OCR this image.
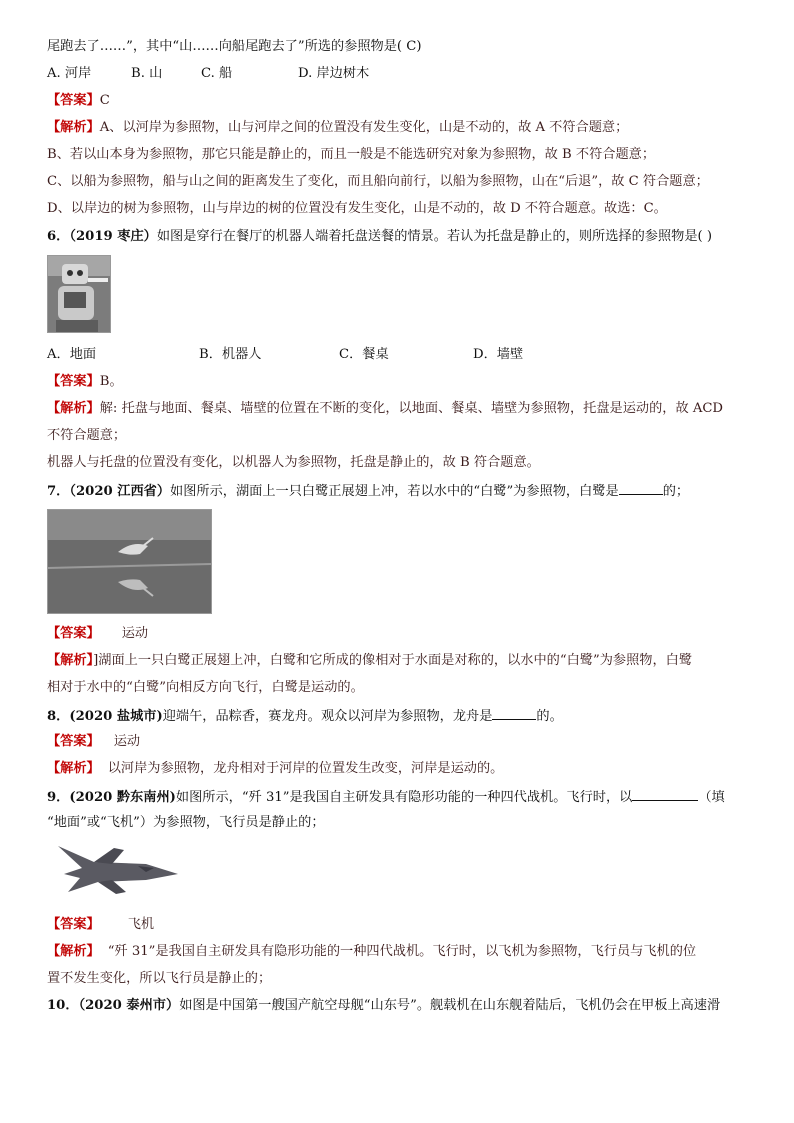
尾跑去了……”，其中“山……向船尾跑去了”所选的参照物是( C)
A. 河岸	B. 山	C. 船	D. 岸边树木
【答案】C
【解析】A、以河岸为参照物，山与河岸之间的位置没有发生变化，山是不动的，故 A 不符合题意；
B、若以山本身为参照物，那它只能是静止的，而且一般是不能选研究对象为参照物，故 B 不符合题意；
C、以船为参照物，船与山之间的距离发生了变化，而且船向前行，以船为参照物，山在“后退”，故 C 符合题意；
D、以岸边的树为参照物，山与岸边的树的位置没有发生变化，山是不动的，故 D 不符合题意。故选：C。
6．（2019 枣庄）如图是穿行在餐厅的机器人端着托盘送餐的情景。若认为托盘是静止的，则所选择的参照物是( )
A．地面	B．机器人	C．餐桌	D．墙壁
【答案】B。
【解析】解: 托盘与地面、餐桌、墙壁的位置在不断的变化，以地面、餐桌、墙壁为参照物，托盘是运动的，故 ACD
不符合题意；
机器人与托盘的位置没有变化，以机器人为参照物，托盘是静止的，故 B 符合题意。
7．（2020 江西省）如图所示，湖面上一只白鹭正展翅上冲，若以水中的“白鹭”为参照物，白鹭是	的；
【答案】 运动
【解析】]湖面上一只白鹭正展翅上冲，白鹭和它所成的像相对于水面是对称的，以水中的“白鹭”为参照物，白鹭
相对于水中的“白鹭”向相反方向飞行，白鹭是运动的。
8．(2020 盐城市)迎端午，品粽香，赛龙舟。观众以河岸为参照物，龙舟是	的。
【答案】 运动
【解析】 以河岸为参照物，龙舟相对于河岸的位置发生改变，河岸是运动的。
9．(2020 黔东南州)如图所示，“歼 31”是我国自主研发具有隐形功能的一种四代战机。飞行时，以	（填
“地面”或“飞机”）为参照物，飞行员是静止的；
【答案】 飞机
【解析】 “歼 31”是我国自主研发具有隐形功能的一种四代战机。飞行时，以飞机为参照物，飞行员与飞机的位
置不发生变化，所以飞行员是静止的；
10．（2020 泰州市）如图是中国第一艘国产航空母舰“山东号”。舰载机在山东舰着陆后，飞机仍会在甲板上高速滑
